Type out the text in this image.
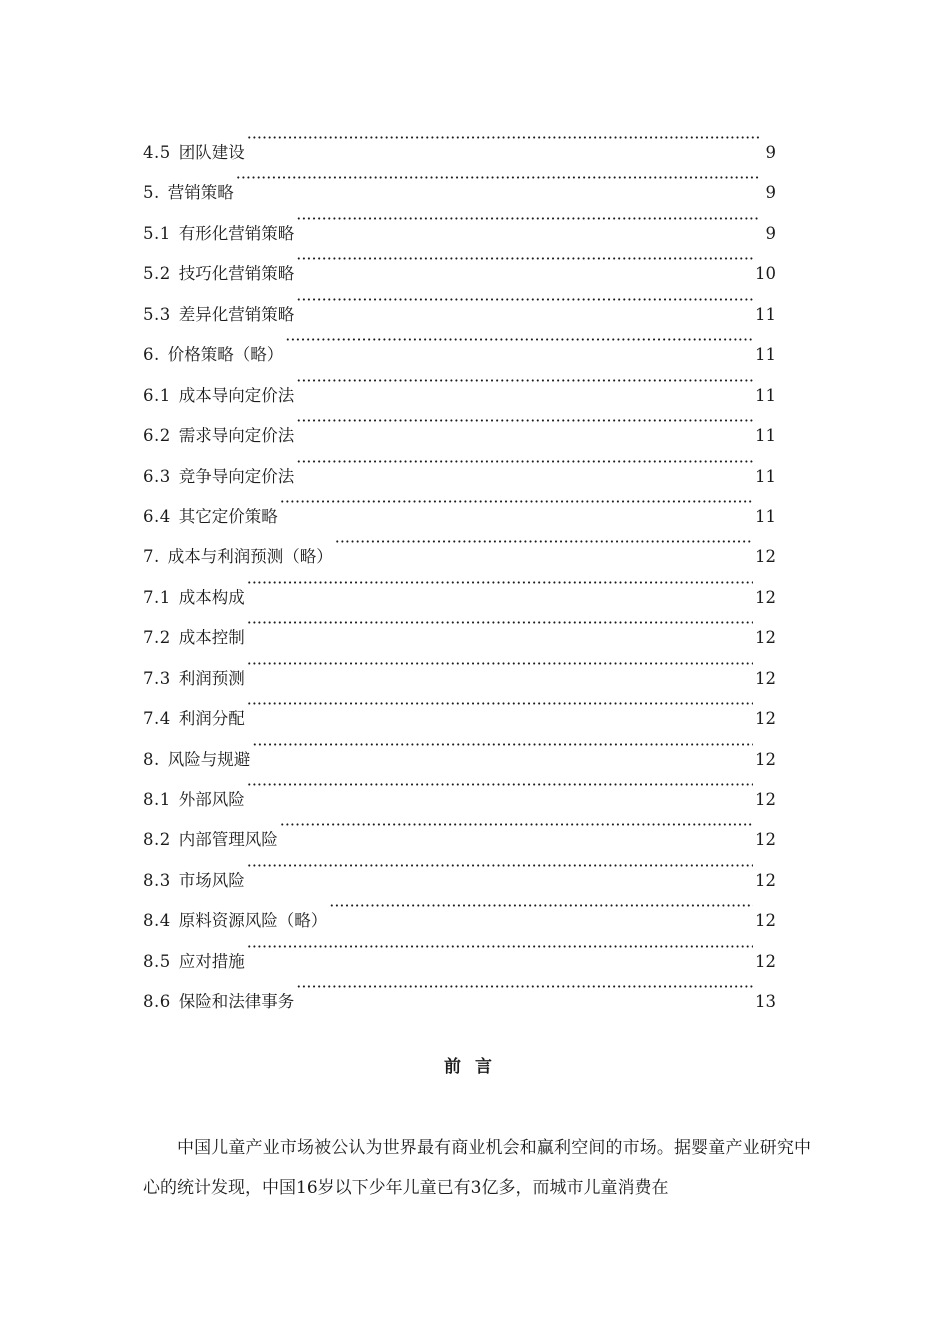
4.5 团队建设 ·····	9
5. 营销策略 ·····	9
5.1 有形化营销策略 ·····	9
5.2 技巧化营销策略 ·····	10
5.3 差异化营销策略 ·····	11
6. 价格策略（略） ·····	11
6.1 成本导向定价法 ·····	11
6.2 需求导向定价法 ·····	11
6.3 竞争导向定价法 ·····	11
6.4 其它定价策略 ·····	11
7. 成本与利润预测（略） ·····	12
7.1 成本构成 ·····	12
7.2 成本控制 ·····	12
7.3 利润预测 ·····	12
7.4 利润分配 ·····	12
8. 风险与规避 ·····	12
8.1 外部风险 ·····	12
8.2 内部管理风险 ·····	12
8.3 市场风险 ·····	12
8.4 原料资源风险（略） ·····	12
8.5 应对措施 ·····	12
8.6 保险和法律事务 ·····	13
前言
中国儿童产业市场被公认为世界最有商业机会和赢利空间的市场。据婴童产业研究中心的统计发现，中国16岁以下少年儿童已有3亿多，而城市儿童消费在
